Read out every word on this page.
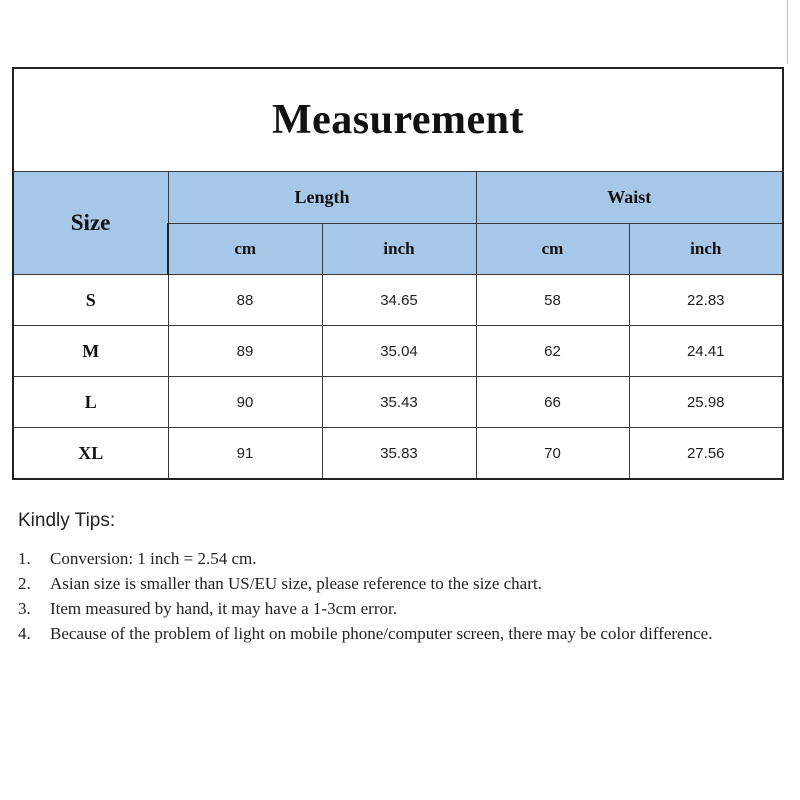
Measurement				
Size	Length		Waist	
	cm	inch	cm	inch
S	88	34.65	58	22.83
M	89	35.04	62	24.41
L	90	35.43	66	25.98
XL	91	35.83	70	27.56
Kindly Tips:
1.	Conversion: 1 inch = 2.54 cm.
2.	Asian size is smaller than US/EU size, please reference to the size chart.
3.	Item measured by hand, it may have a 1-3cm error.
4.	Because of the problem of light on mobile phone/computer screen, there may be color difference.
